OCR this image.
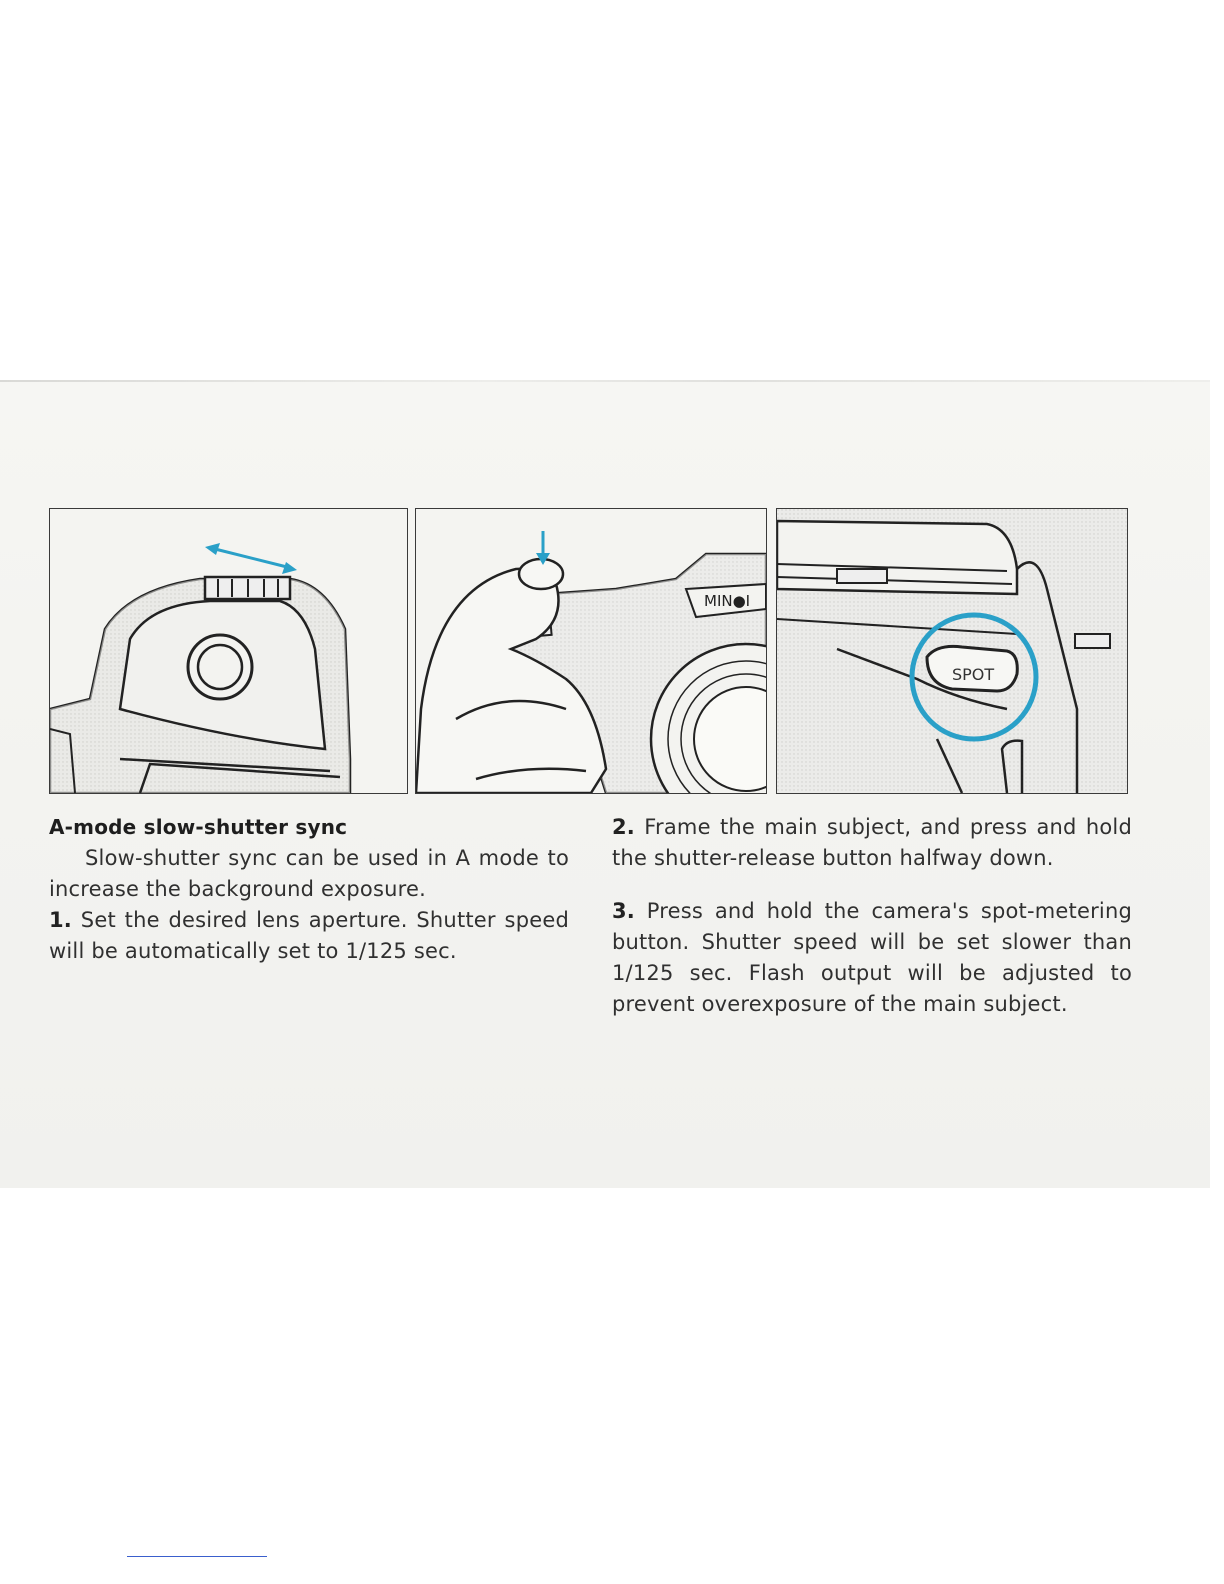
MIN●I
SPOT

A-mode slow-shutter sync

Slow-shutter sync can be used in A mode to increase the background exposure.

1. Set the desired lens aperture. Shutter speed will be automatically set to 1/125 sec.

2. Frame the main subject, and press and hold the shutter-release button halfway down.

3. Press and hold the camera's spot-metering button. Shutter speed will be set slower than 1/125 sec. Flash output will be adjusted to prevent overexposure of the main subject.
